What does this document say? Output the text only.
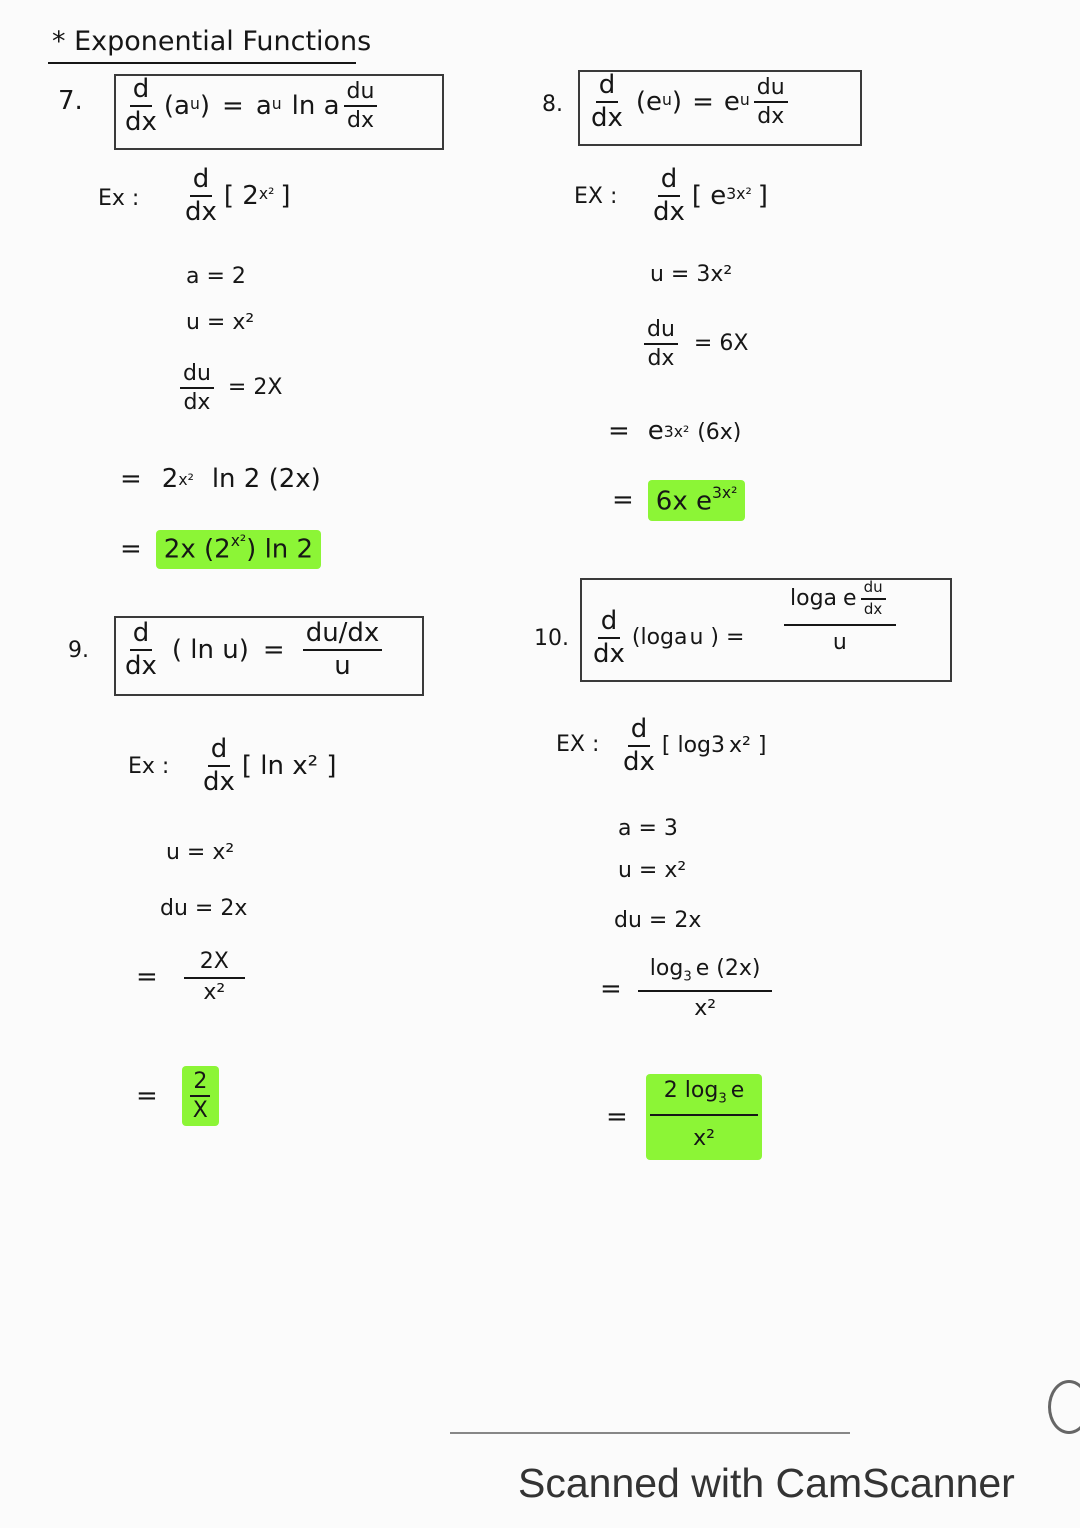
* Exponential Functions
7. $\frac{d}{dx} (a^u$ ) = $a^u$ ln a $\frac{du}{dx}$
Ex : $\frac{d}{dx}$ [ $2^{x^2}$ ]
a = 2
u = x²
$\frac{du}{dx} = 2X$
= $2^{x^2}$ ln 2 (2x)
= 2x $(2^{x^2})$ ln 2
8. $\frac{d}{dx} (e^u$ ) = $e^u \frac{du}{dx}$
EX : $\frac{d}{dx}$ [ $e^{3x^2}$ ]
u = 3x²
$\frac{du}{dx} = 6X$
= $e^{3x^2}$ (6x)
= 6x $e^{3x^2}$
9. $\frac{d}{dx}$ ( $\ln u) = \frac{du/dx}{u}$
Ex : $\frac{d}{dx}$ [ ln x² ]
u = x²
du = 2x
= $\frac{2X}{\text{x²}}$
= $\frac{2}{X}$
10. $\frac{d}{dx} (\log$ a u ) =
log a e $\frac{du}{dx}$
u
EX : $\frac{d}{dx}$ [ log 3 x² ]
a = 3
u = x²
du = 2x
= $\frac{\log_3 e (2x)}{\text{x²}}$
=
2 $\log_3 e$
x²
Scanned with CamScanner
